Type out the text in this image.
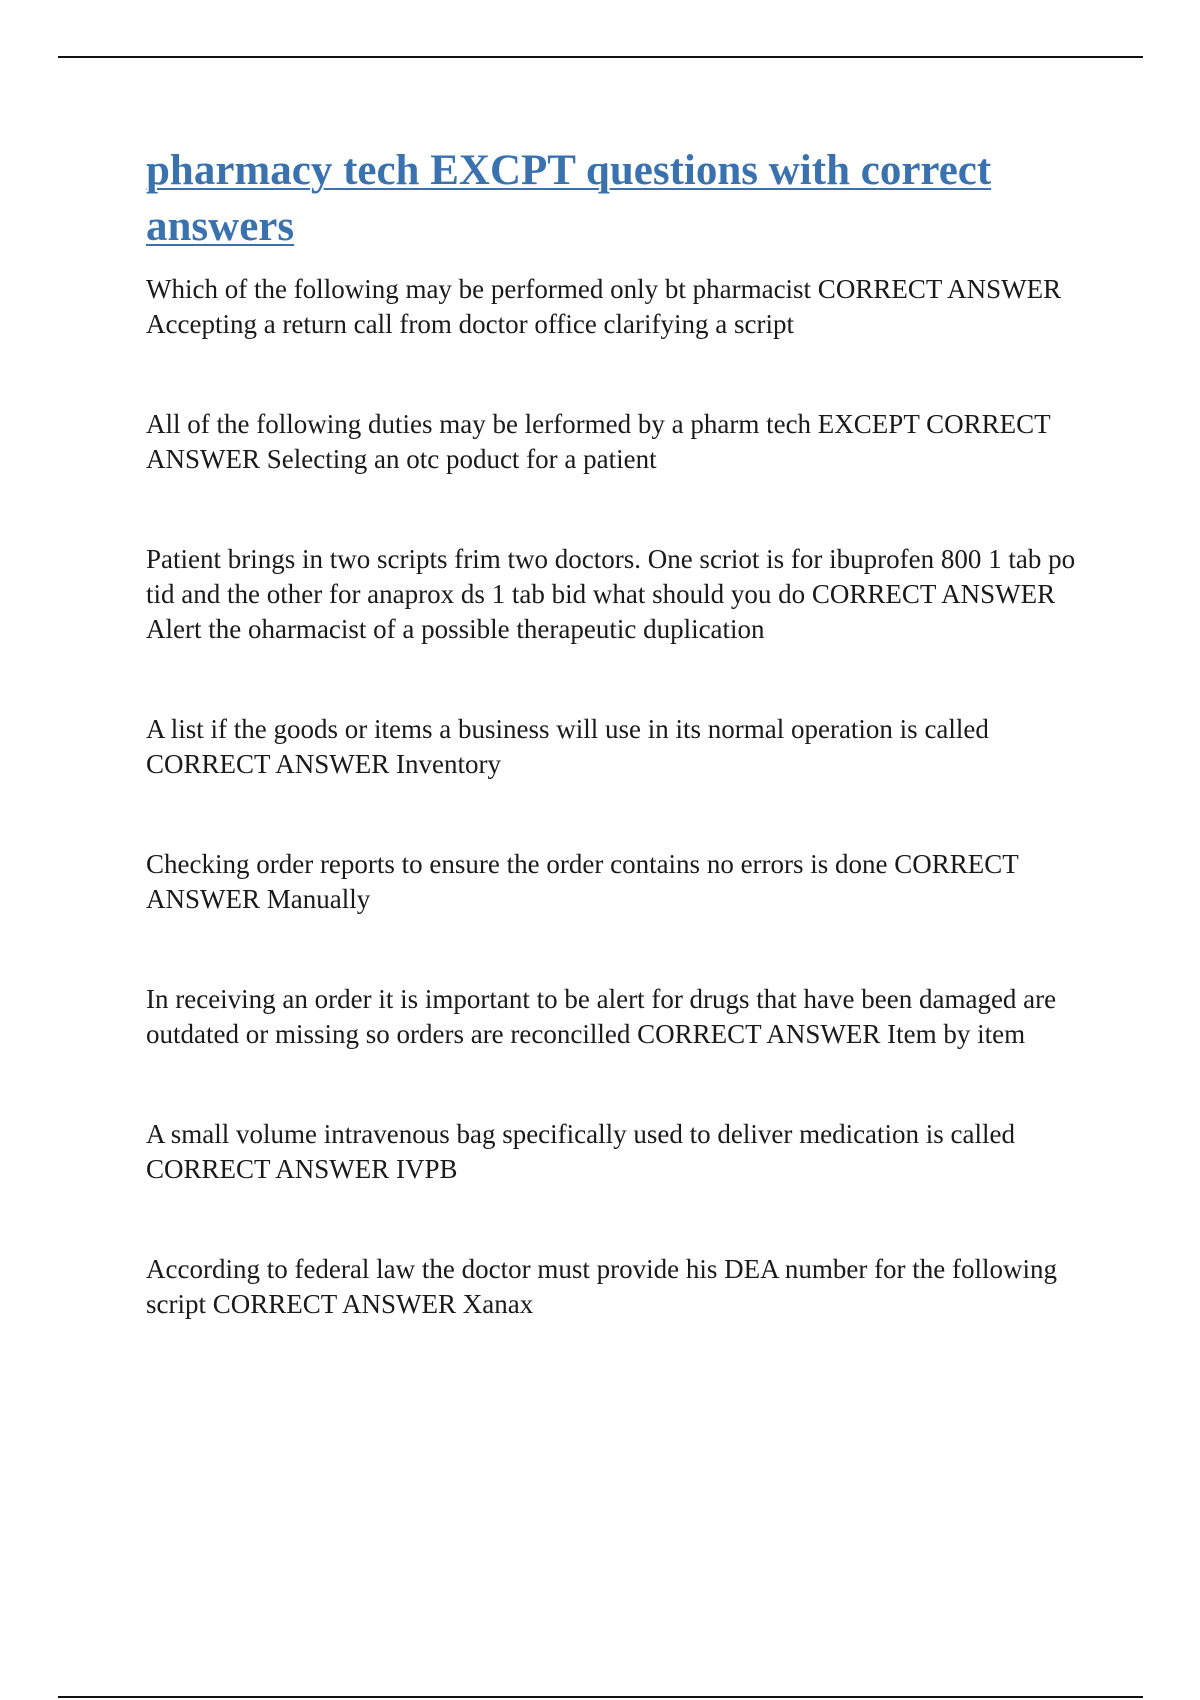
pharmacy tech EXCPT questions with correct answers

Which of the following may be performed only bt pharmacist CORRECT ANSWER Accepting a return call from doctor office clarifying a script

All of the following duties may be lerformed by a pharm tech EXCEPT CORRECT ANSWER Selecting an otc poduct for a patient

Patient brings in two scripts frim two doctors. One scriot is for ibuprofen 800 1 tab po tid and the other for anaprox ds 1 tab bid what should you do CORRECT ANSWER Alert the oharmacist of a possible therapeutic duplication

A list if the goods or items a business will use in its normal operation is called CORRECT ANSWER Inventory

Checking order reports to ensure the order contains no errors is done CORRECT ANSWER Manually

In receiving an order it is important to be alert for drugs that have been damaged are outdated or missing so orders are reconcilled CORRECT ANSWER Item by item

A small volume intravenous bag specifically used to deliver medication is called CORRECT ANSWER IVPB

According to federal law the doctor must provide his DEA number for the following script CORRECT ANSWER Xanax
